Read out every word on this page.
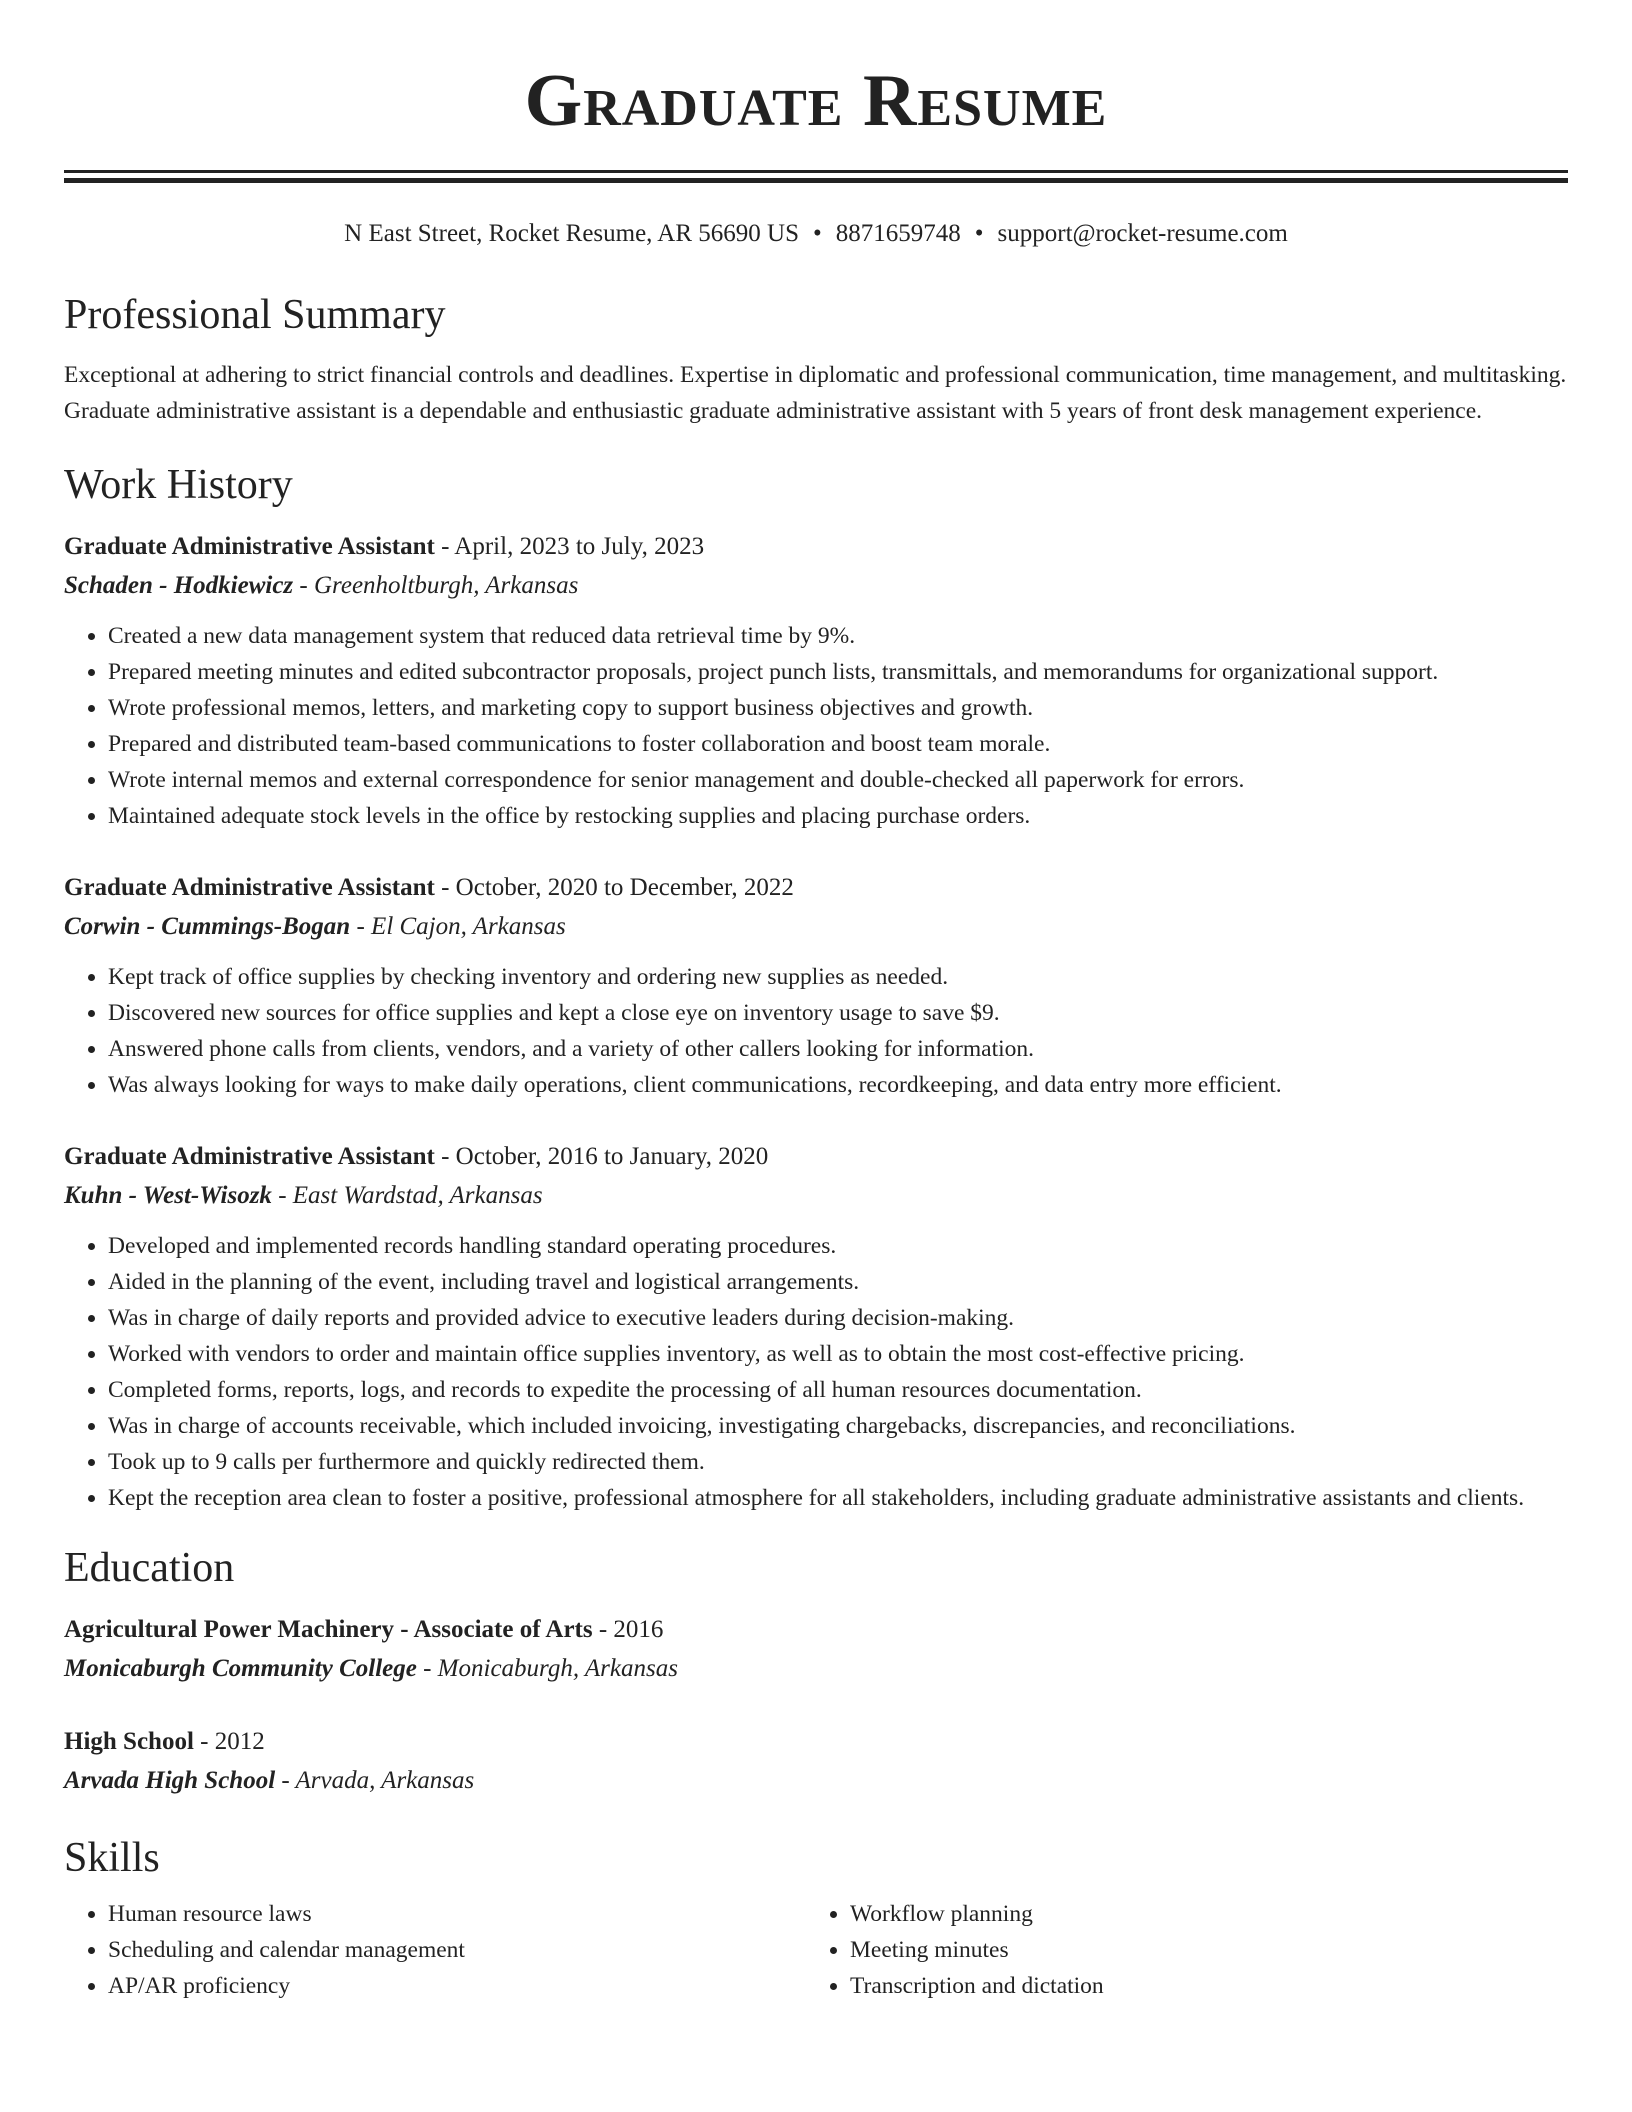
Graduate Resume
N East Street, Rocket Resume, AR 56690 US • 8871659748 • support@rocket-resume.com
Professional Summary

Exceptional at adhering to strict financial controls and deadlines. Expertise in diplomatic and professional communication, time management, and multitasking. Graduate administrative assistant is a dependable and enthusiastic graduate administrative assistant with 5 years of front desk management experience.

Work History
Graduate Administrative Assistant - April, 2023 to July, 2023
Schaden - Hodkiewicz - Greenholtburgh, Arkansas
• Created a new data management system that reduced data retrieval time by 9%.
• Prepared meeting minutes and edited subcontractor proposals, project punch lists, transmittals, and memorandums for organizational support.
• Wrote professional memos, letters, and marketing copy to support business objectives and growth.
• Prepared and distributed team-based communications to foster collaboration and boost team morale.
• Wrote internal memos and external correspondence for senior management and double-checked all paperwork for errors.
• Maintained adequate stock levels in the office by restocking supplies and placing purchase orders.
Graduate Administrative Assistant - October, 2020 to December, 2022
Corwin - Cummings-Bogan - El Cajon, Arkansas
• Kept track of office supplies by checking inventory and ordering new supplies as needed.
• Discovered new sources for office supplies and kept a close eye on inventory usage to save $9.
• Answered phone calls from clients, vendors, and a variety of other callers looking for information.
• Was always looking for ways to make daily operations, client communications, recordkeeping, and data entry more efficient.
Graduate Administrative Assistant - October, 2016 to January, 2020
Kuhn - West-Wisozk - East Wardstad, Arkansas
• Developed and implemented records handling standard operating procedures.
• Aided in the planning of the event, including travel and logistical arrangements.
• Was in charge of daily reports and provided advice to executive leaders during decision-making.
• Worked with vendors to order and maintain office supplies inventory, as well as to obtain the most cost-effective pricing.
• Completed forms, reports, logs, and records to expedite the processing of all human resources documentation.
• Was in charge of accounts receivable, which included invoicing, investigating chargebacks, discrepancies, and reconciliations.
• Took up to 9 calls per furthermore and quickly redirected them.
• Kept the reception area clean to foster a positive, professional atmosphere for all stakeholders, including graduate administrative assistants and clients.
Education
Agricultural Power Machinery - Associate of Arts - 2016
Monicaburgh Community College - Monicaburgh, Arkansas
High School - 2012
Arvada High School - Arvada, Arkansas
Skills
• Human resource laws
• Scheduling and calendar management
• AP/AR proficiency
• Workflow planning
• Meeting minutes
• Transcription and dictation
